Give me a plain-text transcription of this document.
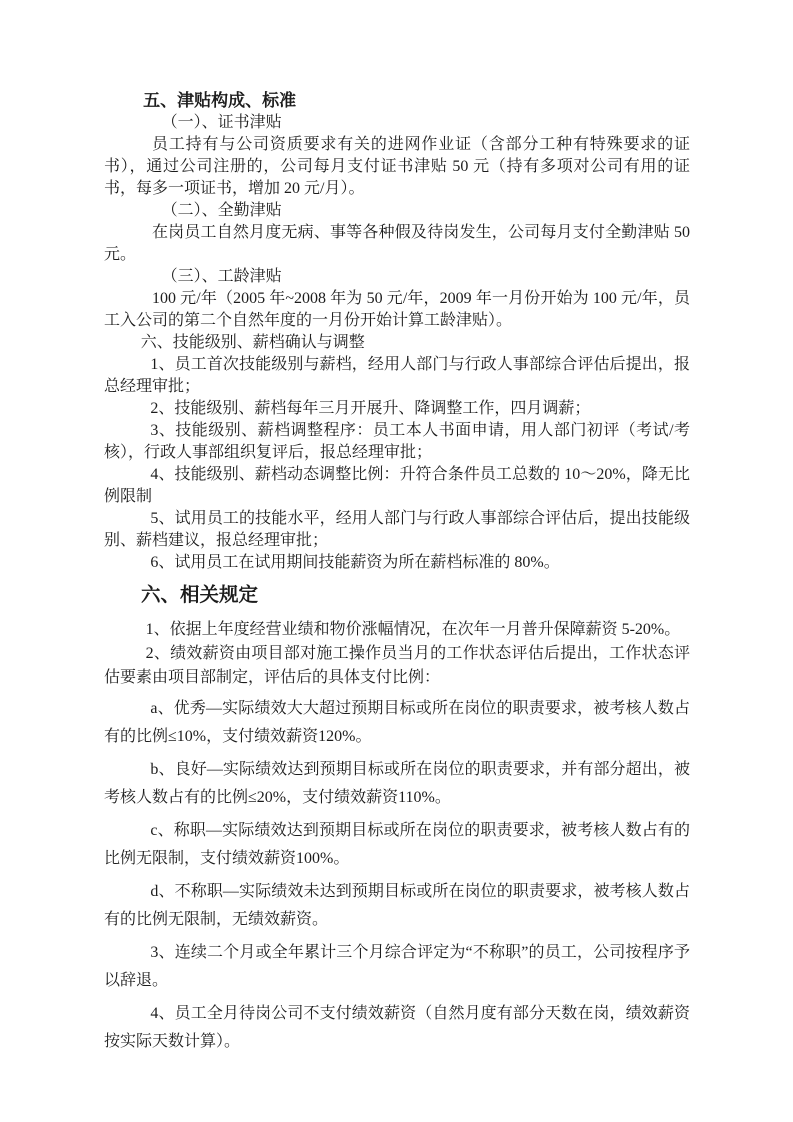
五、津贴构成、标准

（一）、证书津贴

员工持有与公司资质要求有关的进网作业证（含部分工种有特殊要求的证书），通过公司注册的，公司每月支付证书津贴 50 元（持有多项对公司有用的证书，每多一项证书，增加 20 元/月）。

（二）、全勤津贴

在岗员工自然月度无病、事等各种假及待岗发生，公司每月支付全勤津贴 50 元。

（三）、工龄津贴

100 元/年（2005 年~2008 年为 50 元/年，2009 年一月份开始为 100 元/年，员工入公司的第二个自然年度的一月份开始计算工龄津贴）。

六、技能级别、薪档确认与调整

1、员工首次技能级别与薪档，经用人部门与行政人事部综合评估后提出，报总经理审批；

2、技能级别、薪档每年三月开展升、降调整工作，四月调薪；

3、技能级别、薪档调整程序：员工本人书面申请，用人部门初评（考试/考核），行政人事部组织复评后，报总经理审批；

4、技能级别、薪档动态调整比例：升符合条件员工总数的 10～20%，降无比例限制

5、试用员工的技能水平，经用人部门与行政人事部综合评估后，提出技能级别、薪档建议，报总经理审批；

6、试用员工在试用期间技能薪资为所在薪档标准的 80%。

六、相关规定

1、依据上年度经营业绩和物价涨幅情况，在次年一月普升保障薪资 5-20%。

2、绩效薪资由项目部对施工操作员当月的工作状态评估后提出，工作状态评估要素由项目部制定，评估后的具体支付比例：

a、优秀—实际绩效大大超过预期目标或所在岗位的职责要求，被考核人数占有的比例≤10%，支付绩效薪资120%。

b、良好—实际绩效达到预期目标或所在岗位的职责要求，并有部分超出，被考核人数占有的比例≤20%，支付绩效薪资110%。

c、称职—实际绩效达到预期目标或所在岗位的职责要求，被考核人数占有的比例无限制，支付绩效薪资100%。

d、不称职—实际绩效未达到预期目标或所在岗位的职责要求，被考核人数占有的比例无限制，无绩效薪资。

3、连续二个月或全年累计三个月综合评定为“不称职”的员工，公司按程序予以辞退。

4、员工全月待岗公司不支付绩效薪资（自然月度有部分天数在岗，绩效薪资按实际天数计算）。
